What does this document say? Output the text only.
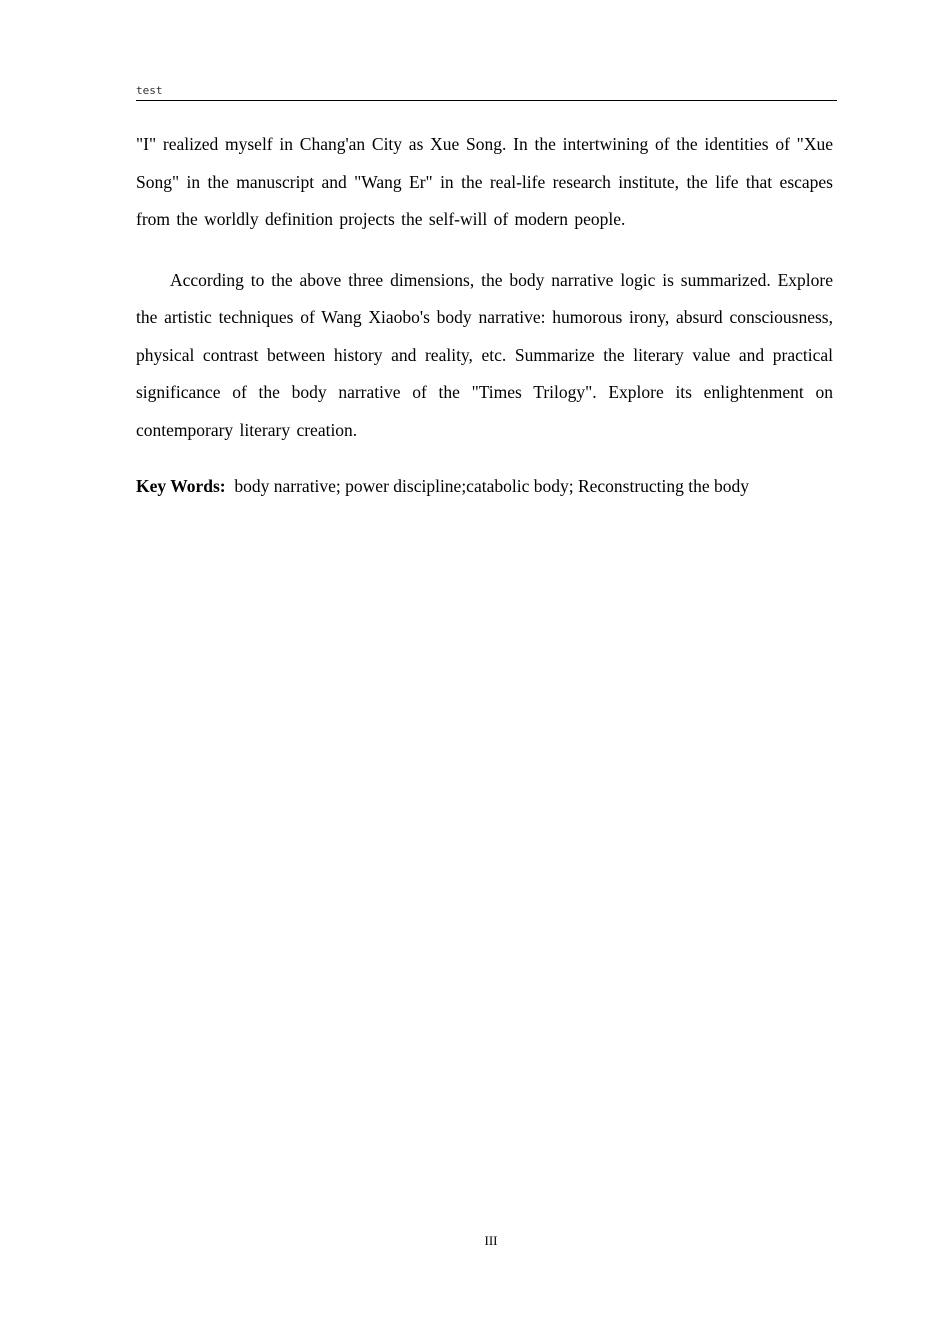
test

"I" realized myself in Chang'an City as Xue Song. In the intertwining of the identities of "Xue Song" in the manuscript and "Wang Er" in the real-life research institute, the life that escapes from the worldly definition projects the self-will of modern people.

According to the above three dimensions, the body narrative logic is summarized. Explore the artistic techniques of Wang Xiaobo's body narrative: humorous irony, absurd consciousness, physical contrast between history and reality, etc. Summarize the literary value and practical significance of the body narrative of the "Times Trilogy". Explore its enlightenment on contemporary literary creation.

Key Words: body narrative; power discipline;catabolic body; Reconstructing the body

III
